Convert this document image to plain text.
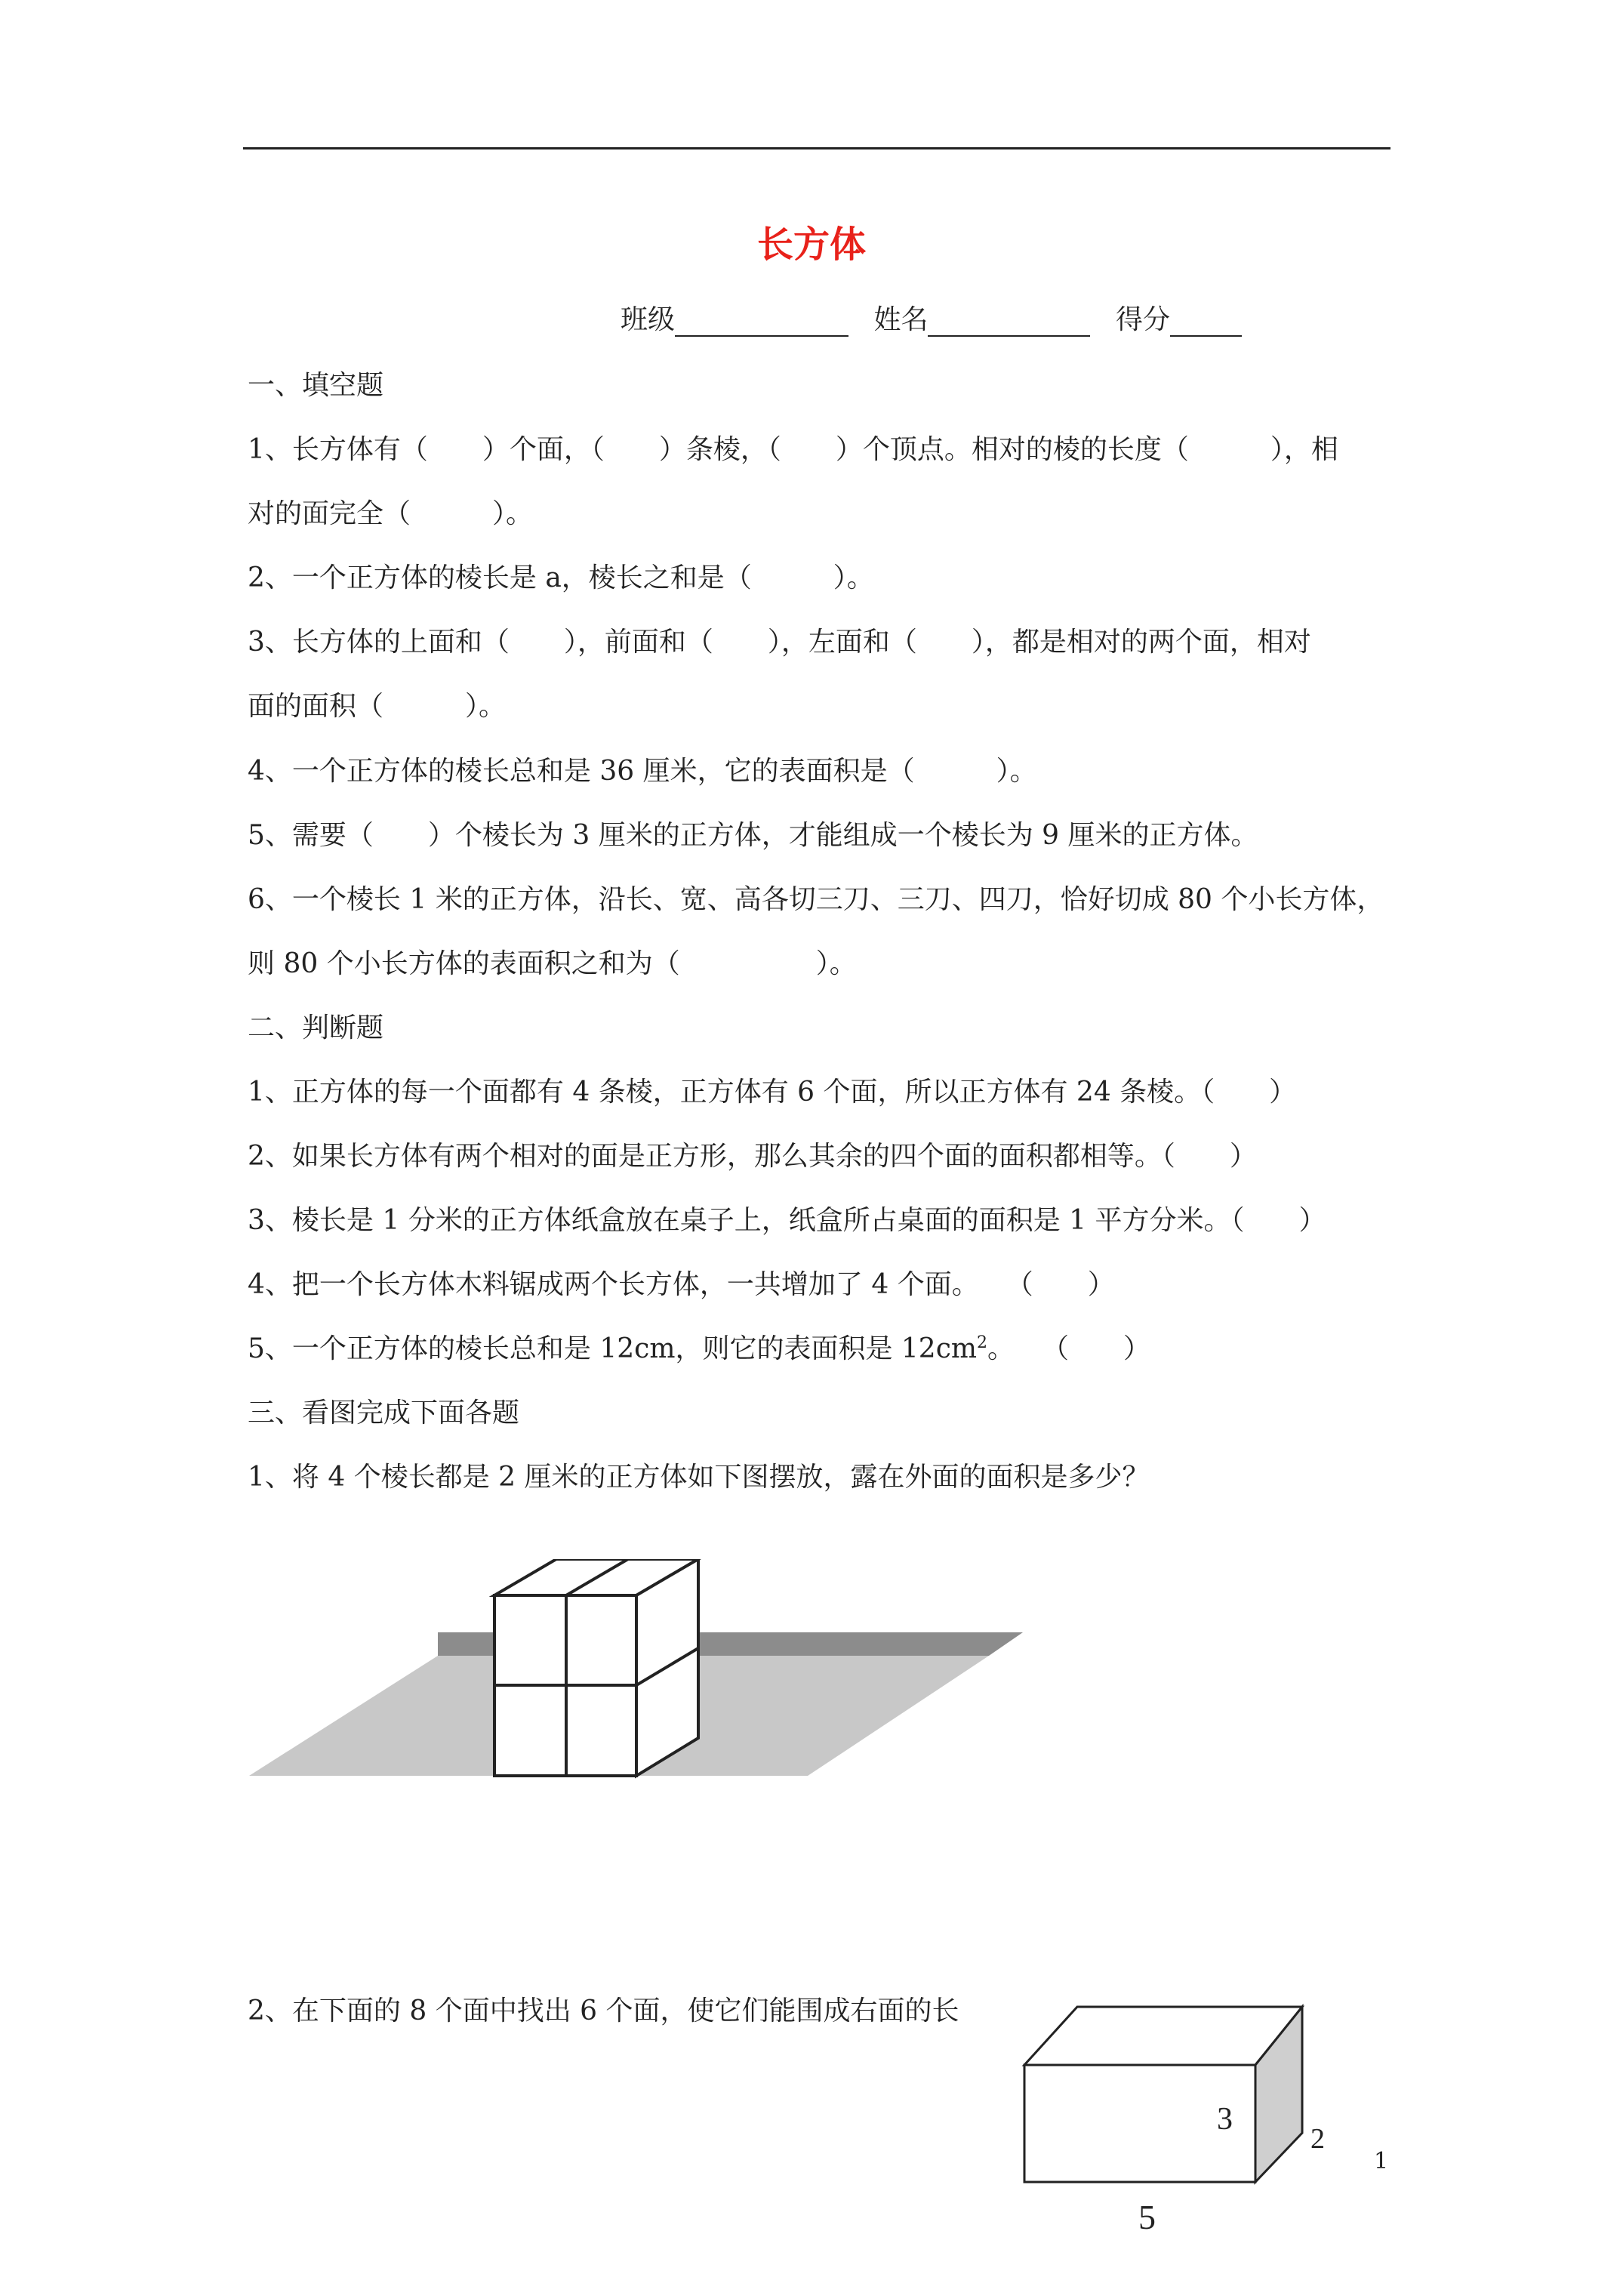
长方体
班级	姓名	得分
一、填空题
1、长方体有（　　）个面，（　　）条棱，（　　）个顶点。相对的棱的长度（　　　），相
对的面完全（　　　）。
2、一个正方体的棱长是 a，棱长之和是（　　　）。
3、长方体的上面和（　　），前面和（　　），左面和（　　），都是相对的两个面，相对
面的面积（　　　）。
4、一个正方体的棱长总和是 36 厘米，它的表面积是（　　　）。
5、需要（　　）个棱长为 3 厘米的正方体，才能组成一个棱长为 9 厘米的正方体。
6、一个棱长 1 米的正方体，沿长、宽、高各切三刀、三刀、四刀，恰好切成 80 个小长方体，
则 80 个小长方体的表面积之和为（　　　　　）。
二、判断题
1、正方体的每一个面都有 4 条棱，正方体有 6 个面，所以正方体有 24 条棱。（　　）
2、如果长方体有两个相对的面是正方形，那么其余的四个面的面积都相等。（　　）
3、棱长是 1 分米的正方体纸盒放在桌子上，纸盒所占桌面的面积是 1 平方分米。（　　）
4、把一个长方体木料锯成两个长方体，一共增加了 4 个面。　　（　　）
5、一个正方体的棱长总和是 12cm，则它的表面积是 $12cm^2$。　　（　　）
三、看图完成下面各题
1、将 4 个棱长都是 2 厘米的正方体如下图摆放，露在外面的面积是多少？
2、在下面的 8 个面中找出 6 个面，使它们能围成右面的长
3
2
5
1
